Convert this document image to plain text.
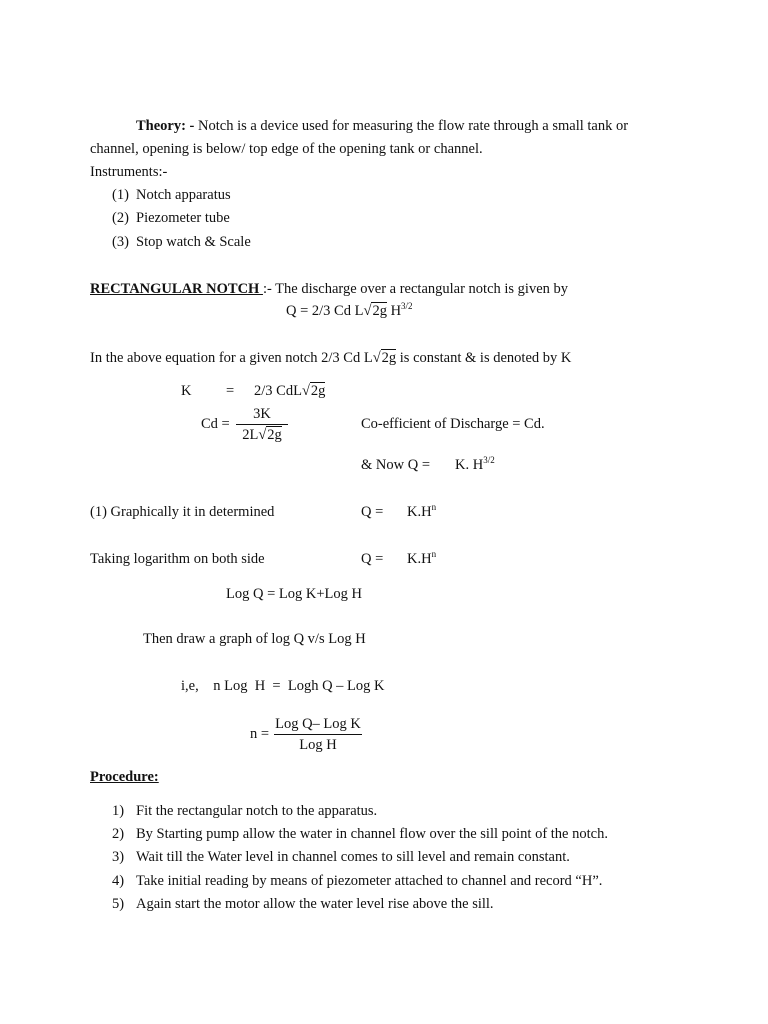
Theory: - Notch is a device used for measuring the flow rate through a small tank or
channel, opening is below/ top edge of the opening tank or channel.
Instruments:-
(1) Notch apparatus
(2) Piezometer tube
(3) Stop watch & Scale
RECTANGULAR NOTCH :- The discharge over a rectangular notch is given by
Q = 2/3 Cd L√2g $H^{3/2}$
In the above equation for a given notch 2/3 Cd L√2g is constant & is denoted by K
K = 2/3 CdL√2g
Cd =
3K
2L√2g
Co-efficient of Discharge = Cd.
& Now Q = K. $H^{3/2}$
(1) Graphically it in determined	$Q = K.H^n$
Taking logarithm on both side	$Q = K.H^n$
Log Q = Log K+Log H
Then draw a graph of log Q v/s Log H
i,e,    n Log  H  =  Logh Q – Log K
n =
Log Q– Log K
Log H
Procedure:
1) Fit the rectangular notch to the apparatus.
2) By Starting pump allow the water in channel flow over the sill point of the notch.
3) Wait till the Water level in channel comes to sill level and remain constant.
4) Take initial reading by means of piezometer attached to channel and record “H”.
5) Again start the motor allow the water level rise above the sill.
